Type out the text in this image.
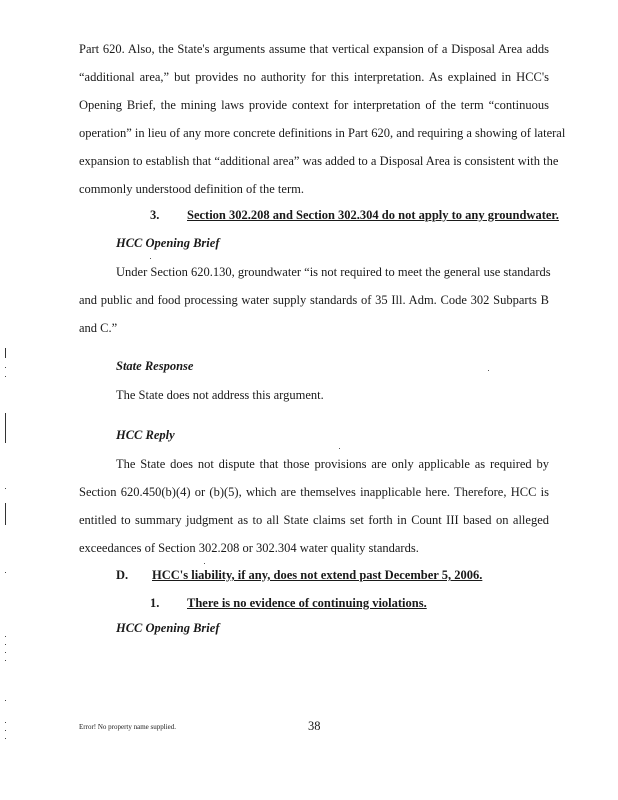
Part 620. Also, the State's arguments assume that vertical expansion of a Disposal Area adds
“additional area,” but provides no authority for this interpretation. As explained in HCC's
Opening Brief, the mining laws provide context for interpretation of the term “continuous
operation” in lieu of any more concrete definitions in Part 620, and requiring a showing of lateral
expansion to establish that “additional area” was added to a Disposal Area is consistent with the
commonly understood definition of the term.
3. Section 302.208 and Section 302.304 do not apply to any groundwater.
HCC Opening Brief
Under Section 620.130, groundwater “is not required to meet the general use standards
and public and food processing water supply standards of 35 Ill. Adm. Code 302 Subparts B
and C.”
State Response
The State does not address this argument.
HCC Reply
The State does not dispute that those provisions are only applicable as required by
Section 620.450(b)(4) or (b)(5), which are themselves inapplicable here. Therefore, HCC is
entitled to summary judgment as to all State claims set forth in Count III based on alleged
exceedances of Section 302.208 or 302.304 water quality standards.
D. HCC's liability, if any, does not extend past December 5, 2006.
1. There is no evidence of continuing violations.
HCC Opening Brief
Error! No property name supplied.	38
